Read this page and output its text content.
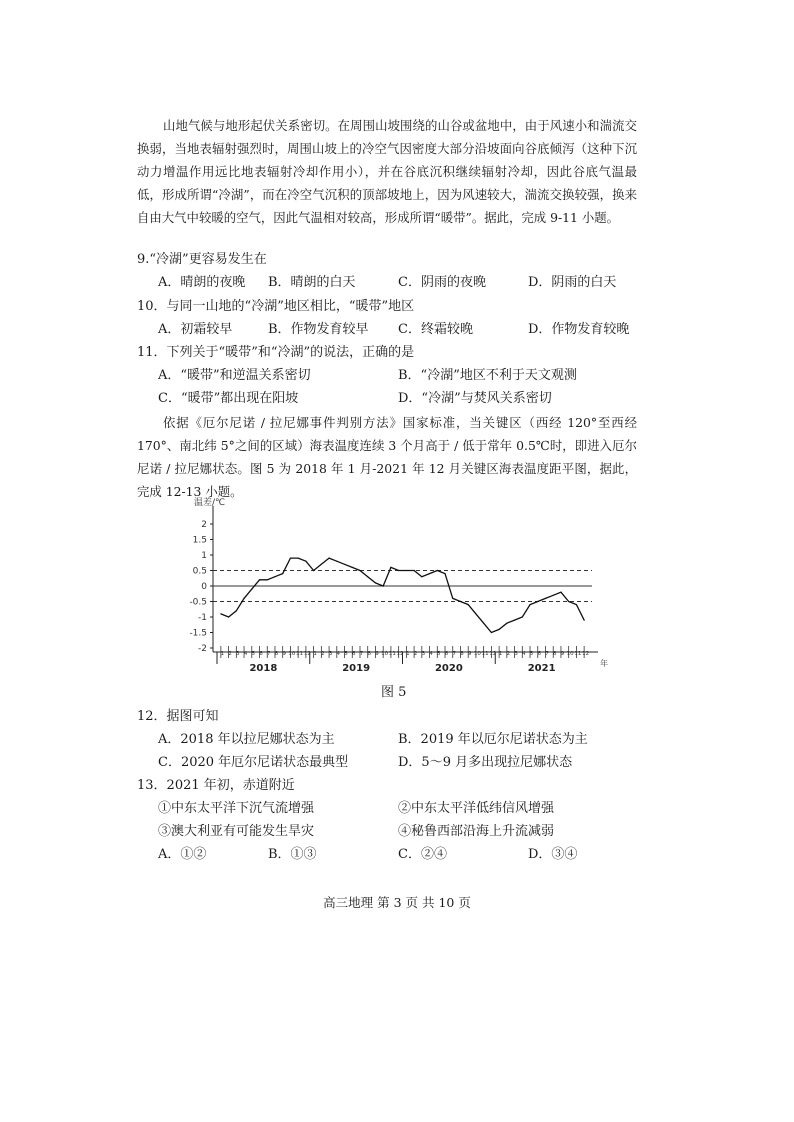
山地气候与地形起伏关系密切。在周围山坡围绕的山谷或盆地中，由于风速小和湍流交换弱，当地表辐射强烈时，周围山坡上的冷空气因密度大部分沿坡面向谷底倾泻（这种下沉动力增温作用远比地表辐射冷却作用小），并在谷底沉积继续辐射冷却，因此谷底气温最低，形成所谓“冷湖”，而在冷空气沉积的顶部坡地上，因为风速较大，湍流交换较强，换来自由大气中较暖的空气，因此气温相对较高，形成所谓“暖带”。据此，完成 9-11 小题。
9.“冷湖”更容易发生在
A．晴朗的夜晚 B．晴朗的白天	C．阴雨的夜晚	D．阴雨的白天
10．与同一山地的“冷湖”地区相比，“暖带”地区
A．初霜较早	B．作物发育较早 C．终霜较晚	D．作物发育较晚
11．下列关于“暖带”和“冷湖”的说法，正确的是
A．“暖带”和逆温关系密切	B．“冷湖”地区不利于天文观测
C．“暖带”都出现在阳坡	D．“冷湖”与焚风关系密切
依据《厄尔尼诺 / 拉尼娜事件判别方法》国家标准，当关键区（西经 120°至西经 170°、南北纬 5°之间的区域）海表温度连续 3 个月高于 / 低于常年 0.5℃时，即进入厄尔尼诺 / 拉尼娜状态。图 5 为 2018 年 1 月-2021 年 12 月关键区海表温度距平图，据此，完成 12-13 小题。
温差/℃
2
1.5
1
0.5
0
-0.5
-1
-1.5
-2 1 2 3 4 5 6 7 8 9 10 11 12 1 2 3 4 5 6 7 8 9 10 11 12 1 2 3 4 5 6 7 8 9 10 11 12 1 2 3 4 5 6 7 8 9 10 11 12
2018	2019	2020	2021	年
图 5
12．据图可知
A．2018 年以拉尼娜状态为主	B．2019 年以厄尔尼诺状态为主
C．2020 年厄尔尼诺状态最典型	D．5～9 月多出现拉尼娜状态
13．2021 年初，赤道附近
①中东太平洋下沉气流增强	②中东太平洋低纬信风增强
③澳大利亚有可能发生旱灾	④秘鲁西部沿海上升流减弱
A．①②	B．①③	C．②④	D．③④
高三地理 第 3 页 共 10 页
